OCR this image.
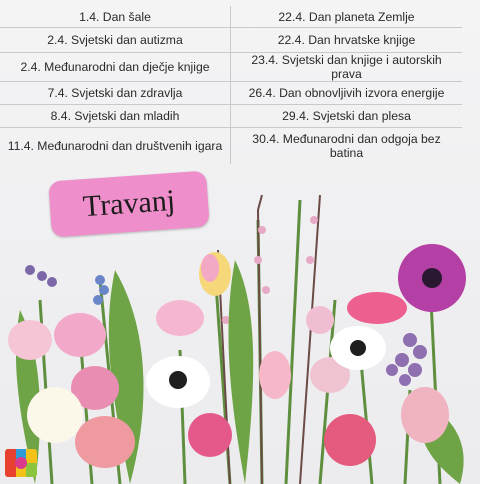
1.4. Dan šale	22.4. Dan planeta Zemlje
2.4. Svjetski dan autizma	22.4. Dan hrvatske knjige
2.4. Međunarodni dan dječje knjige	23.4. Svjetski dan knjige i autorskih prava
7.4. Svjetski dan zdravlja	26.4. Dan obnovljivih izvora energije
8.4. Svjetski dan mladih	29.4. Svjetski dan plesa
11.4. Međunarodni dan društvenih igara	30.4. Međunarodni dan odgoja bez batina
Travanj
